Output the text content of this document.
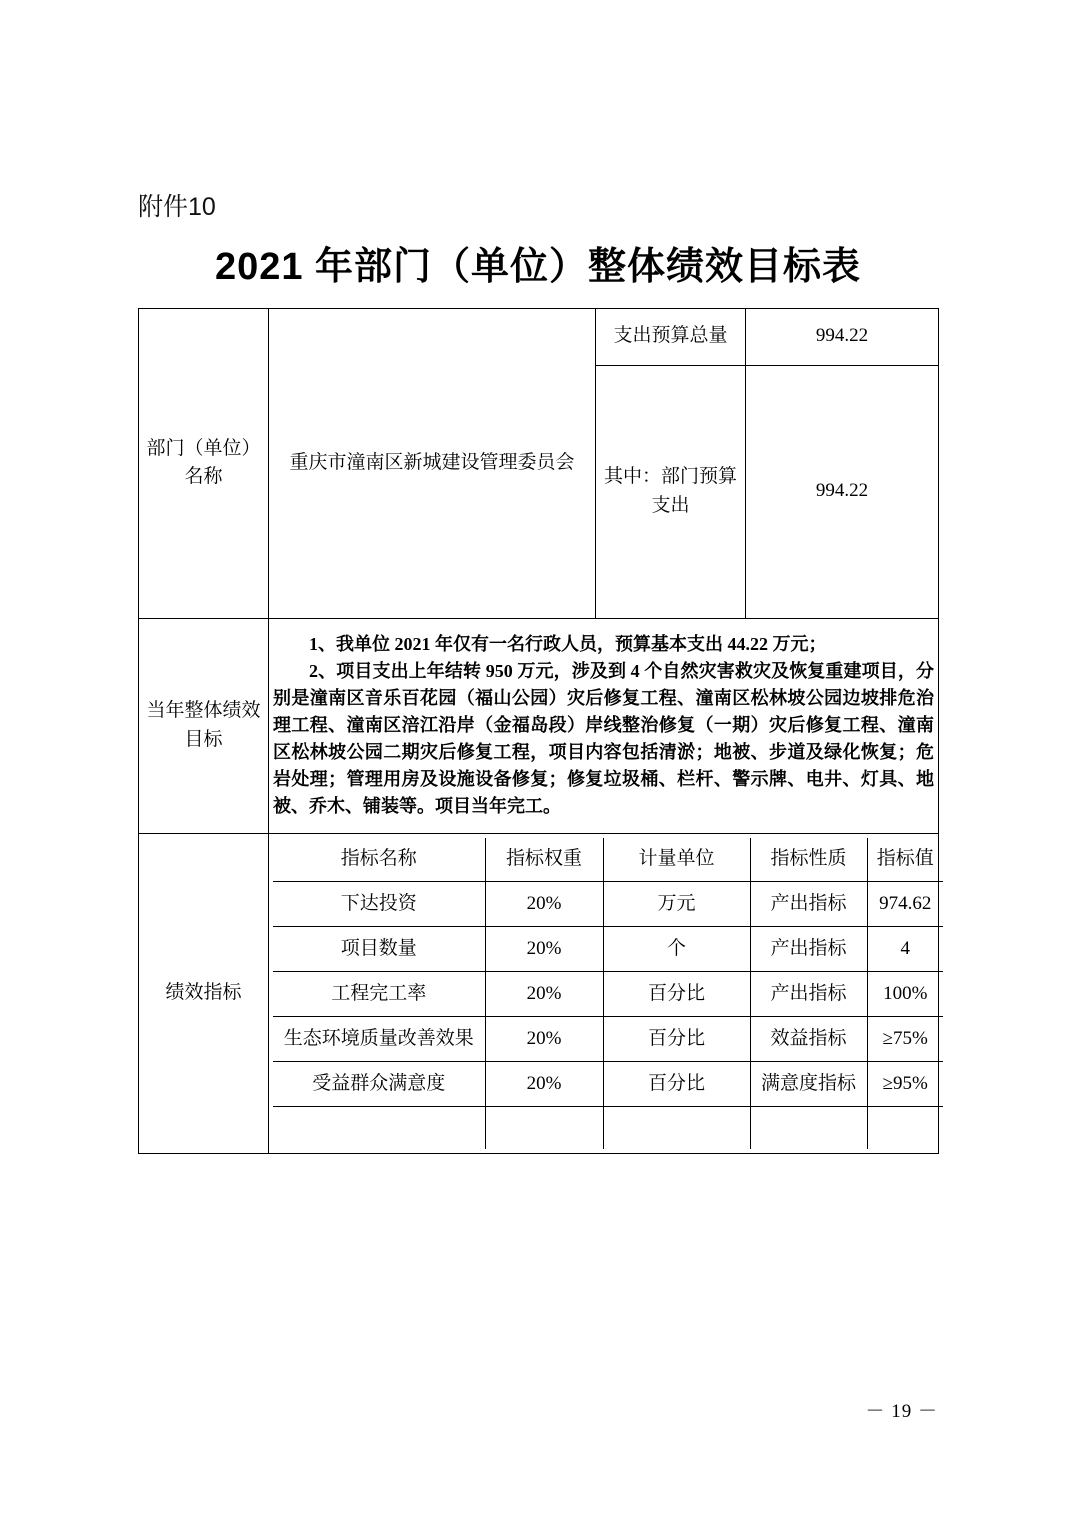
附件10
2021 年部门（单位）整体绩效目标表
部门（单位）名称	重庆市潼南区新城建设管理委员会	支出预算总量	994.22
其中：部门预算支出	994.22
当年整体绩效目标	

1、我单位 2021 年仅有一名行政人员，预算基本支出 44.22 万元；

2、项目支出上年结转 950 万元，涉及到 4 个自然灾害救灾及恢复重建项目，分别是潼南区音乐百花园（福山公园）灾后修复工程、潼南区松林坡公园边坡排危治理工程、潼南区涪江沿岸（金福岛段）岸线整治修复（一期）灾后修复工程、潼南区松林坡公园二期灾后修复工程，项目内容包括清淤；地被、步道及绿化恢复；危岩处理；管理用房及设施设备修复；修复垃圾桶、栏杆、警示牌、电井、灯具、地被、乔木、铺装等。项目当年完工。

绩效指标	
指标名称	指标权重	计量单位	指标性质	指标值
下达投资	20%	万元	产出指标	974.62
项目数量	20%	个	产出指标	4
工程完工率	20%	百分比	产出指标	100%
生态环境质量改善效果	20%	百分比	效益指标	≥75%
受益群众满意度	20%	百分比	满意度指标	≥95%

－ 19 －
